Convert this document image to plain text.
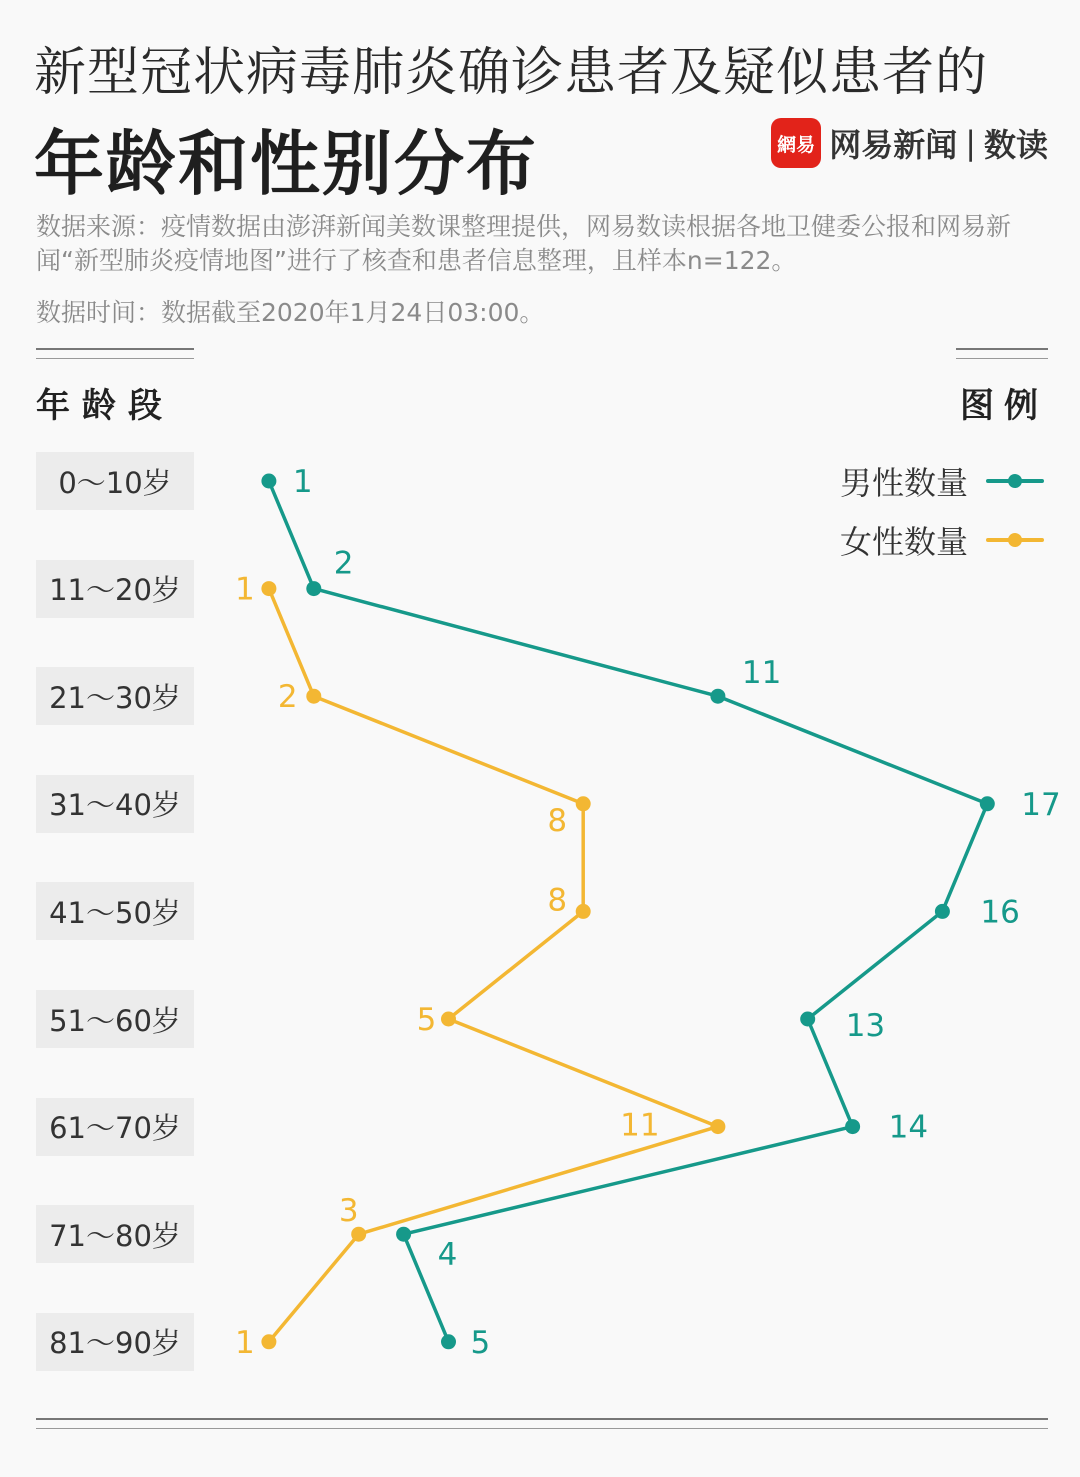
新型冠状病毒肺炎确诊患者及疑似患者的
年龄和性别分布	網易 网易新闻 | 数读
数据来源：疫情数据由澎湃新闻美数课整理提供，网易数读根据各地卫健委公报和网易新闻“新型肺炎疫情地图”进行了核查和患者信息整理，且样本n=122。
数据时间：数据截至2020年1月24日03:00。
年龄段	图例
0～10岁
11～20岁
21～30岁
31～40岁
41～50岁
51～60岁
61～70岁
71～80岁
81～90岁
男性数量
女性数量
1
2
11
17
16
13
14
4
5
1
2
8
8
5
11
3
1
